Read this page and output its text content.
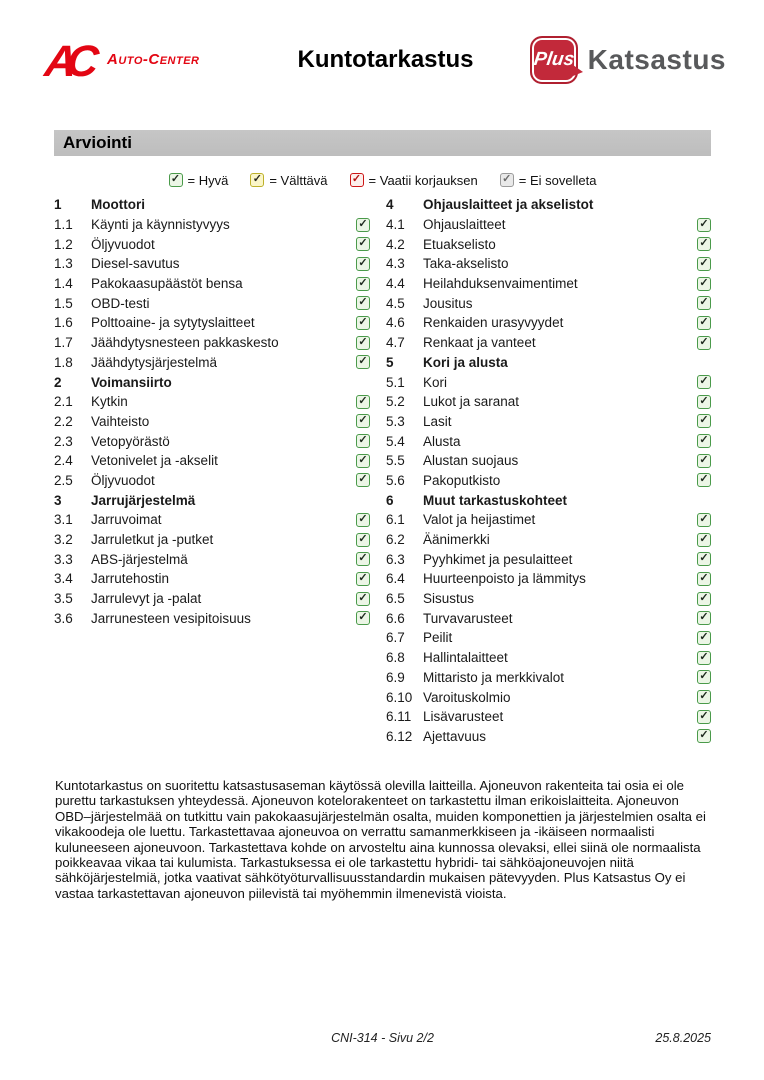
AC Auto-Center	Kuntotarkastus	Plus Katsastus
Arviointi
✓ = Hyvä ✓ = Välttävä ✓ = Vaatii korjauksen ✓ = Ei sovelleta
1	Moottori
1.1	Käynti ja käynnistyvyys	✓
1.2	Öljyvuodot	✓
1.3	Diesel-savutus	✓
1.4	Pakokaasupäästöt bensa	✓
1.5	OBD-testi	✓
1.6	Polttoaine- ja sytytyslaitteet	✓
1.7	Jäähdytysnesteen pakkaskesto	✓
1.8	Jäähdytysjärjestelmä	✓
2	Voimansiirto
2.1	Kytkin	✓
2.2	Vaihteisto	✓
2.3	Vetopyörästö	✓
2.4	Vetonivelet ja -akselit	✓
2.5	Öljyvuodot	✓
3	Jarrujärjestelmä
3.1	Jarruvoimat	✓
3.2	Jarruletkut ja -putket	✓
3.3	ABS-järjestelmä	✓
3.4	Jarrutehostin	✓
3.5	Jarrulevyt ja -palat	✓
3.6	Jarrunesteen vesipitoisuus	✓
4	Ohjauslaitteet ja akselistot
4.1	Ohjauslaitteet	✓
4.2	Etuakselisto	✓
4.3	Taka-akselisto	✓
4.4	Heilahduksenvaimentimet	✓
4.5	Jousitus	✓
4.6	Renkaiden urasyvyydet	✓
4.7	Renkaat ja vanteet	✓
5	Kori ja alusta
5.1	Kori	✓
5.2	Lukot ja saranat	✓
5.3	Lasit	✓
5.4	Alusta	✓
5.5	Alustan suojaus	✓
5.6	Pakoputkisto	✓
6	Muut tarkastuskohteet
6.1	Valot ja heijastimet	✓
6.2	Äänimerkki	✓
6.3	Pyyhkimet ja pesulaitteet	✓
6.4	Huurteenpoisto ja lämmitys	✓
6.5	Sisustus	✓
6.6	Turvavarusteet	✓
6.7	Peilit	✓
6.8	Hallintalaitteet	✓
6.9	Mittaristo ja merkkivalot	✓
6.10 Varoituskolmio	✓
6.11 Lisävarusteet	✓
6.12 Ajettavuus	✓

Kuntotarkastus on suoritettu katsastusaseman käytössä olevilla laitteilla. Ajoneuvon rakenteita tai osia ei ole purettu tarkastuksen yhteydessä. Ajoneuvon kotelorakenteet on tarkastettu ilman erikoislaitteita. Ajoneuvon OBD–järjestelmää on tutkittu vain pakokaasujärjestelmän osalta, muiden komponettien ja järjestelmien osalta ei vikakoodeja ole luettu. Tarkastettavaa ajoneuvoa on verrattu samanmerkkiseen ja -ikäiseen normaalisti kuluneeseen ajoneuvoon. Tarkastettava kohde on arvosteltu aina kunnossa olevaksi, ellei siinä ole normaalista poikkeavaa vikaa tai kulumista. Tarkastuksessa ei ole tarkastettu hybridi- tai sähköajoneuvojen niitä sähköjärjestelmiä, jotka vaativat sähkötyöturvallisuusstandardin mukaisen pätevyyden. Plus Katsastus Oy ei vastaa tarkastettavan ajoneuvon piilevistä tai myöhemmin ilmenevistä vioista.

CNI-314 - Sivu 2/2	25.8.2025
